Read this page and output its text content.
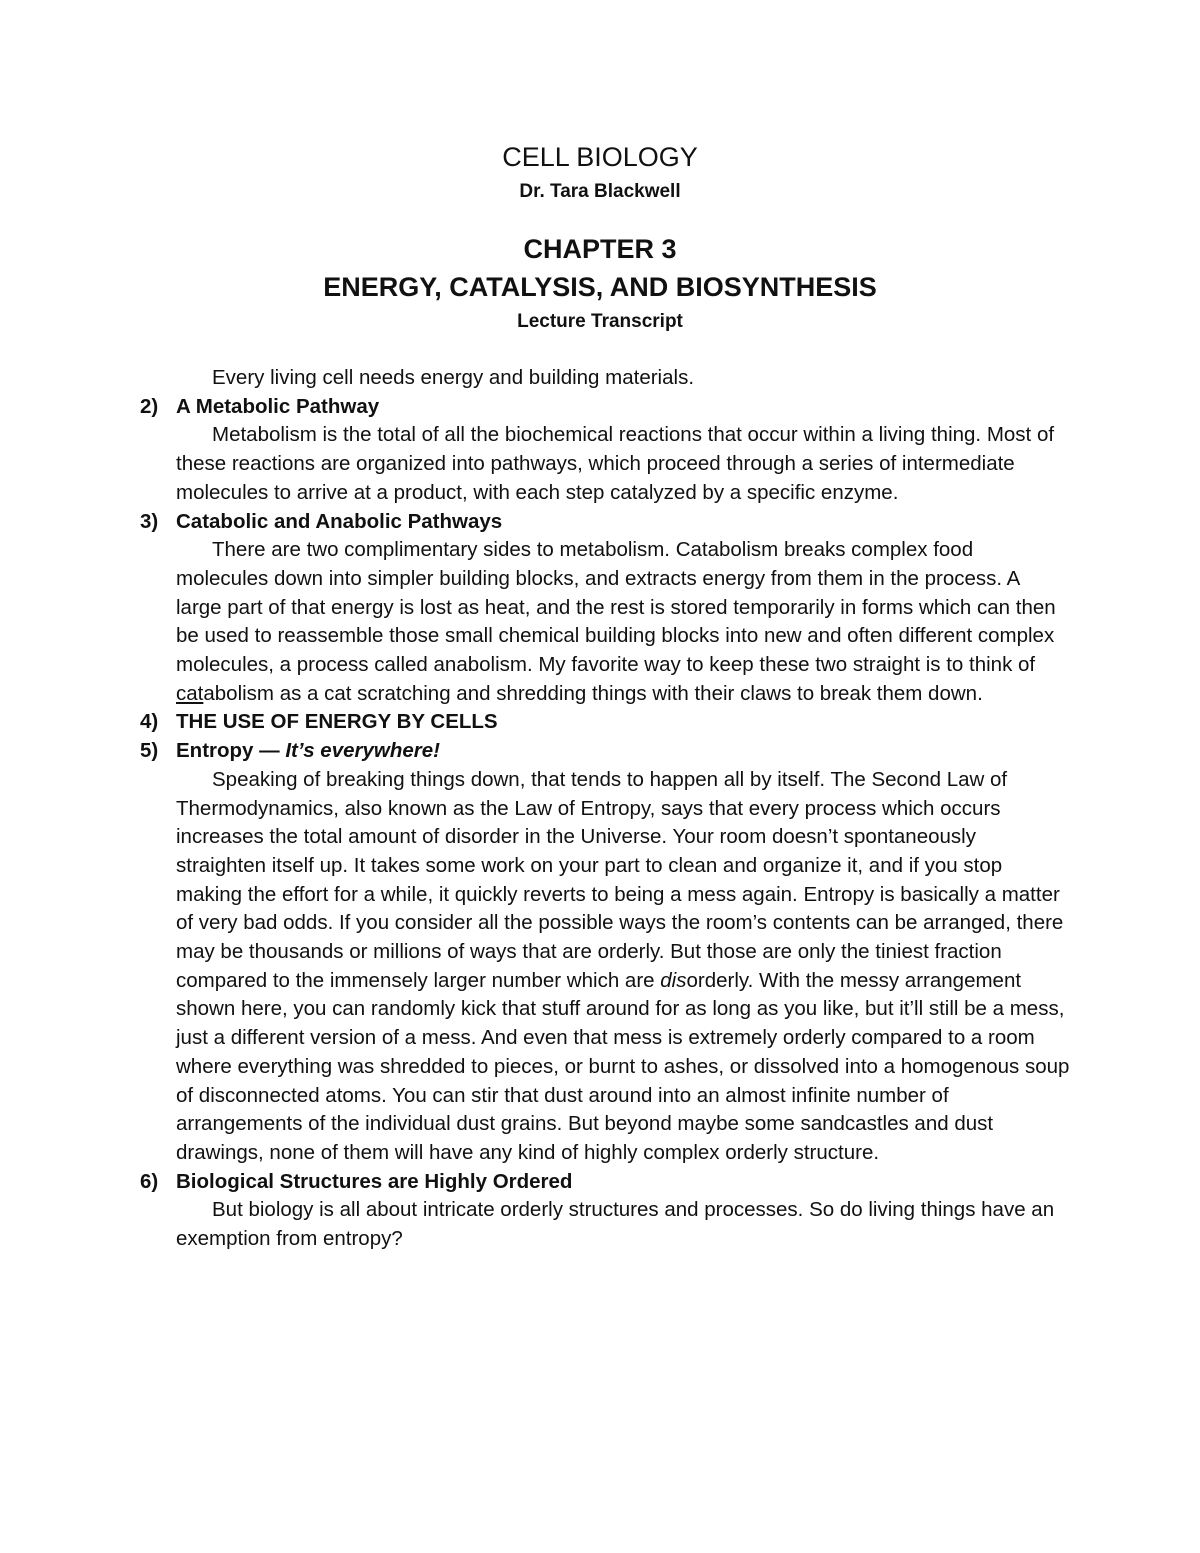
CELL BIOLOGY
Dr. Tara Blackwell
CHAPTER 3
ENERGY, CATALYSIS, AND BIOSYNTHESIS
Lecture Transcript

Every living cell needs energy and building materials.

2) A Metabolic Pathway

Metabolism is the total of all the biochemical reactions that occur within a living thing. Most of these reactions are organized into pathways, which proceed through a series of intermediate molecules to arrive at a product, with each step catalyzed by a specific enzyme.

3) Catabolic and Anabolic Pathways

There are two complimentary sides to metabolism. Catabolism breaks complex food molecules down into simpler building blocks, and extracts energy from them in the process. A large part of that energy is lost as heat, and the rest is stored temporarily in forms which can then be used to reassemble those small chemical building blocks into new and often different complex molecules, a process called anabolism. My favorite way to keep these two straight is to think of catabolism as a cat scratching and shredding things with their claws to break them down.

4) THE USE OF ENERGY BY CELLS
5) Entropy — It’s everywhere!

Speaking of breaking things down, that tends to happen all by itself. The Second Law of Thermodynamics, also known as the Law of Entropy, says that every process which occurs increases the total amount of disorder in the Universe. Your room doesn’t spontaneously straighten itself up. It takes some work on your part to clean and organize it, and if you stop making the effort for a while, it quickly reverts to being a mess again. Entropy is basically a matter of very bad odds. If you consider all the possible ways the room’s contents can be arranged, there may be thousands or millions of ways that are orderly. But those are only the tiniest fraction compared to the immensely larger number which are disorderly. With the messy arrangement shown here, you can randomly kick that stuff around for as long as you like, but it’ll still be a mess, just a different version of a mess. And even that mess is extremely orderly compared to a room where everything was shredded to pieces, or burnt to ashes, or dissolved into a homogenous soup of disconnected atoms. You can stir that dust around into an almost infinite number of arrangements of the individual dust grains. But beyond maybe some sandcastles and dust drawings, none of them will have any kind of highly complex orderly structure.

6) Biological Structures are Highly Ordered

But biology is all about intricate orderly structures and processes. So do living things have an exemption from entropy?
